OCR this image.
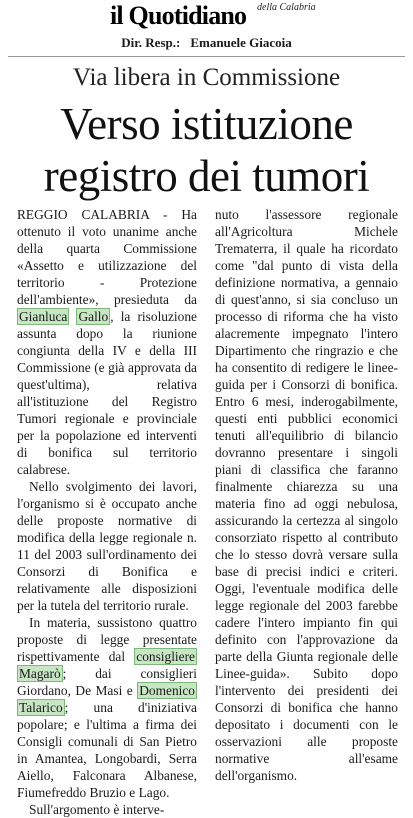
il Quotidiano della Calabria
Dir. Resp.: Emanuele Giacoia
Via libera in Commissione
Verso istituzione
registro dei tumori

REGGIO CALABRIA - Ha ottenuto il voto unanime anche della quarta Commissione «Assetto e utilizzazione del territorio - Protezione dell'ambiente», presieduta da Gianluca Gallo , la risoluzione assunta dopo la riunione congiunta della IV e della III Commissione (e già approvata da quest'ultima), relativa all'istituzione del Registro Tumori regionale e provinciale per la popolazione ed interventi di bonifica sul territorio calabrese.

Nello svolgimento dei lavori, l'organismo si è occupato anche delle proposte normative di modifica della legge regionale n. 11 del 2003 sull'ordinamento dei Consorzi di Bonifica e relativamente alle disposizioni per la tutela del territorio rurale.

In materia, sussistono quattro proposte di legge presentate rispettivamente dal consigliere Magarò ; dai consiglieri Giordano, De Masi e Domenico Talarico ; una d'iniziativa popolare; e l'ultima a firma dei Consigli comunali di San Pietro in Amantea, Longobardi, Serra Aiello, Falconara Albanese, Fiumefreddo Bruzio e Lago.

Sull'argomento è interve-

nuto l'assessore regionale all'Agricoltura Michele Trematerra, il quale ha ricordato come "dal punto di vista della definizione normativa, a gennaio di quest'anno, si sia concluso un processo di riforma che ha visto alacremente impegnato l'intero Dipartimento che ringrazio e che ha consentito di redigere le linee-guida per i Consorzi di bonifica. Entro 6 mesi, inderogabilmente, questi enti pubblici economici tenuti all'equilibrio di bilancio dovranno presentare i singoli piani di classifica che faranno finalmente chiarezza su una materia fino ad oggi nebulosa, assicurando la certezza al singolo consorziato rispetto al contributo che lo stesso dovrà versare sulla base di precisi indici e criteri. Oggi, l'eventuale modifica delle legge regionale del 2003 farebbe cadere l'intero impianto fin qui definito con l'approvazione da parte della Giunta regionale delle Linee-guida». Subito dopo l'intervento dei presidenti dei Consorzi di bonifica che hanno depositato i documenti con le osservazioni alle proposte normative all'esame dell'organismo.
